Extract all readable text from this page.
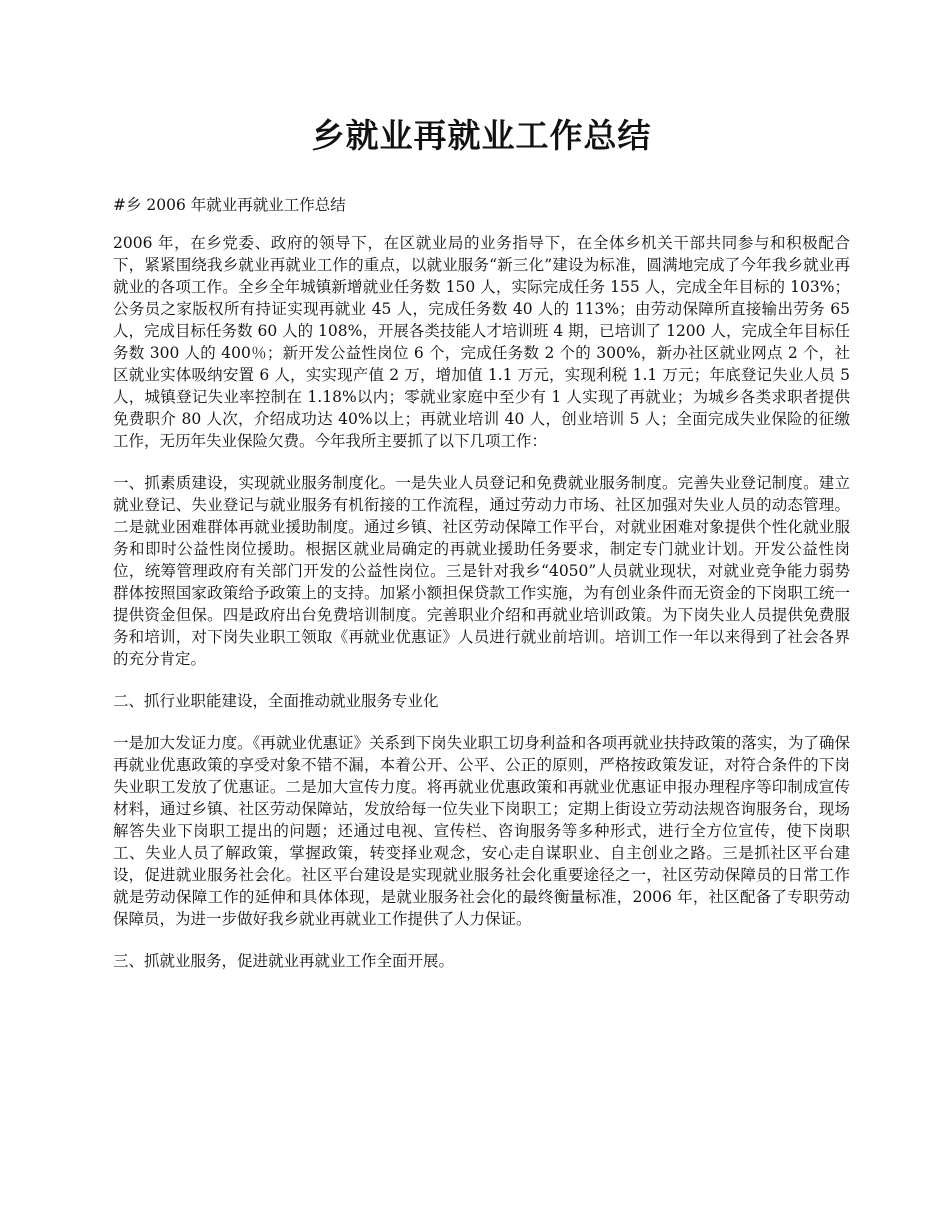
乡就业再就业工作总结

#乡 2006 年就业再就业工作总结

2006 年，在乡党委、政府的领导下，在区就业局的业务指导下，在全体乡机关干部共同参与和积极配合下，紧紧围绕我乡就业再就业工作的重点，以就业服务“新三化”建设为标准，圆满地完成了今年我乡就业再就业的各项工作。全乡全年城镇新增就业任务数 150 人，实际完成任务 155 人，完成全年目标的 103%；公务员之家版权所有持证实现再就业 45 人，完成任务数 40 人的 113%；由劳动保障所直接输出劳务 65 人，完成目标任务数 60 人的 108%，开展各类技能人才培训班 4 期，已培训了 1200 人，完成全年目标任务数 300 人的 400％；新开发公益性岗位 6 个，完成任务数 2 个的 300%，新办社区就业网点 2 个，社区就业实体吸纳安置 6 人，实实现产值 2 万，增加值 1.1 万元，实现利税 1.1 万元；年底登记失业人员 5 人，城镇登记失业率控制在 1.18%以内；零就业家庭中至少有 1 人实现了再就业；为城乡各类求职者提供免费职介 80 人次，介绍成功达 40%以上；再就业培训 40 人，创业培训 5 人；全面完成失业保险的征缴工作，无历年失业保险欠费。今年我所主要抓了以下几项工作：

一、抓素质建设，实现就业服务制度化。一是失业人员登记和免费就业服务制度。完善失业登记制度。建立就业登记、失业登记与就业服务有机衔接的工作流程，通过劳动力市场、社区加强对失业人员的动态管理。二是就业困难群体再就业援助制度。通过乡镇、社区劳动保障工作平台，对就业困难对象提供个性化就业服务和即时公益性岗位援助。根据区就业局确定的再就业援助任务要求，制定专门就业计划。开发公益性岗位，统筹管理政府有关部门开发的公益性岗位。三是针对我乡“4050”人员就业现状，对就业竞争能力弱势群体按照国家政策给予政策上的支持。加紧小额担保贷款工作实施，为有创业条件而无资金的下岗职工统一提供资金但保。四是政府出台免费培训制度。完善职业介绍和再就业培训政策。为下岗失业人员提供免费服务和培训，对下岗失业职工领取《再就业优惠证》人员进行就业前培训。培训工作一年以来得到了社会各界的充分肯定。

二、抓行业职能建设，全面推动就业服务专业化

一是加大发证力度。《再就业优惠证》关系到下岗失业职工切身利益和各项再就业扶持政策的落实，为了确保再就业优惠政策的享受对象不错不漏，本着公开、公平、公正的原则，严格按政策发证，对符合条件的下岗失业职工发放了优惠证。二是加大宣传力度。将再就业优惠政策和再就业优惠证申报办理程序等印制成宣传材料，通过乡镇、社区劳动保障站，发放给每一位失业下岗职工；定期上街设立劳动法规咨询服务台，现场解答失业下岗职工提出的问题；还通过电视、宣传栏、咨询服务等多种形式，进行全方位宣传，使下岗职工、失业人员了解政策，掌握政策，转变择业观念，安心走自谋职业、自主创业之路。三是抓社区平台建设，促进就业服务社会化。社区平台建设是实现就业服务社会化重要途径之一，社区劳动保障员的日常工作就是劳动保障工作的延伸和具体体现，是就业服务社会化的最终衡量标准，2006 年，社区配备了专职劳动保障员，为进一步做好我乡就业再就业工作提供了人力保证。

三、抓就业服务，促进就业再就业工作全面开展。
